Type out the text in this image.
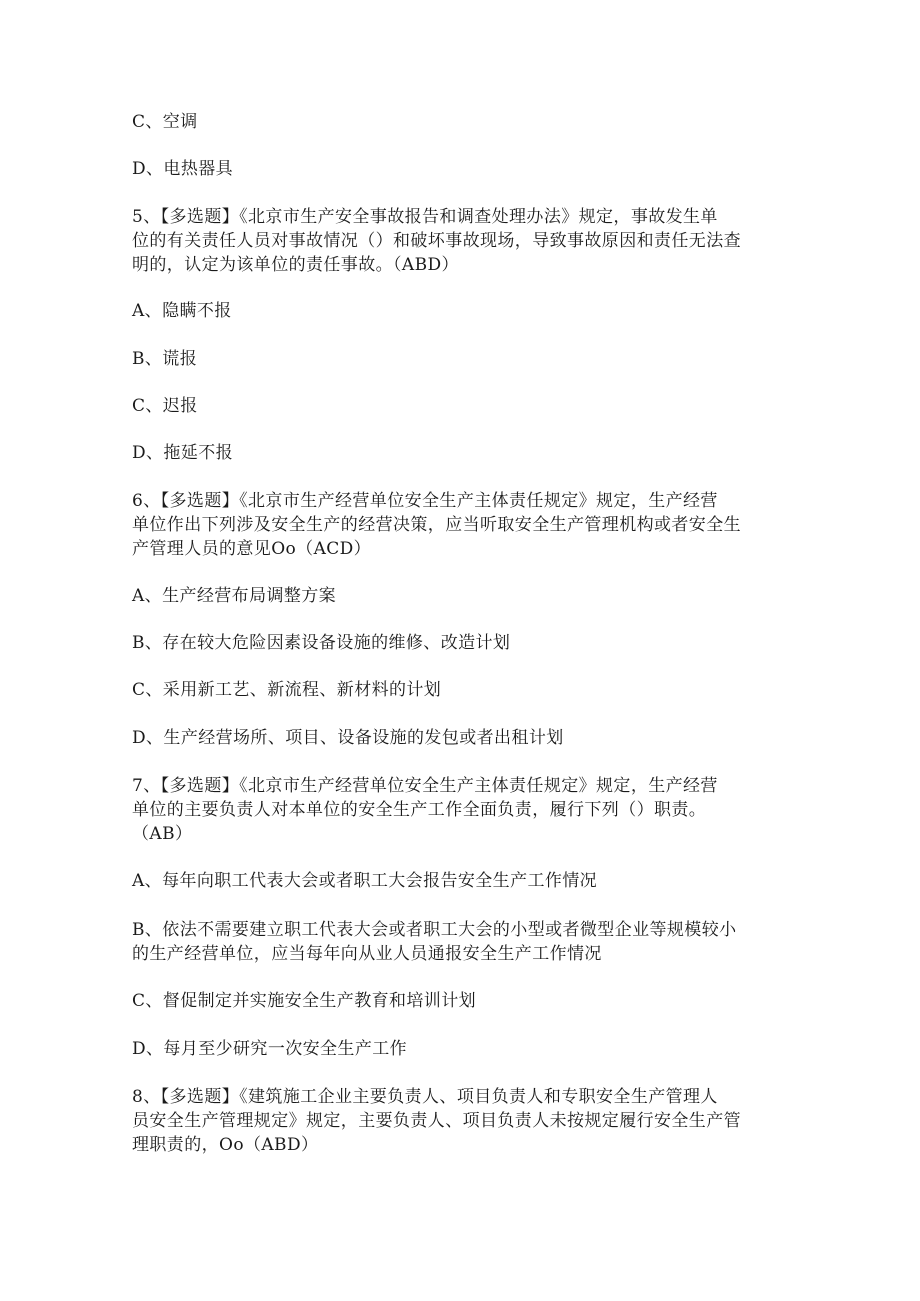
C、空调
D、电热器具
5、【多选题】《北京市生产安全事故报告和调查处理办法》规定，事故发生单
位的有关责任人员对事故情况（）和破坏事故现场，导致事故原因和责任无法查
明的，认定为该单位的责任事故。（ABD）
A、隐瞒不报
B、谎报
C、迟报
D、拖延不报
6、【多选题】《北京市生产经营单位安全生产主体责任规定》规定，生产经营
单位作出下列涉及安全生产的经营决策，应当听取安全生产管理机构或者安全生
产管理人员的意见Oo（ACD）
A、生产经营布局调整方案
B、存在较大危险因素设备设施的维修、改造计划
C、采用新工艺、新流程、新材料的计划
D、生产经营场所、项目、设备设施的发包或者出租计划
7、【多选题】《北京市生产经营单位安全生产主体责任规定》规定，生产经营
单位的主要负责人对本单位的安全生产工作全面负责，履行下列（）职责。
（AB）
A、每年向职工代表大会或者职工大会报告安全生产工作情况
B、依法不需要建立职工代表大会或者职工大会的小型或者微型企业等规模较小
的生产经营单位，应当每年向从业人员通报安全生产工作情况
C、督促制定并实施安全生产教育和培训计划
D、每月至少研究一次安全生产工作
8、【多选题】《建筑施工企业主要负责人、项目负责人和专职安全生产管理人
员安全生产管理规定》规定，主要负责人、项目负责人未按规定履行安全生产管
理职责的，Oo（ABD）
